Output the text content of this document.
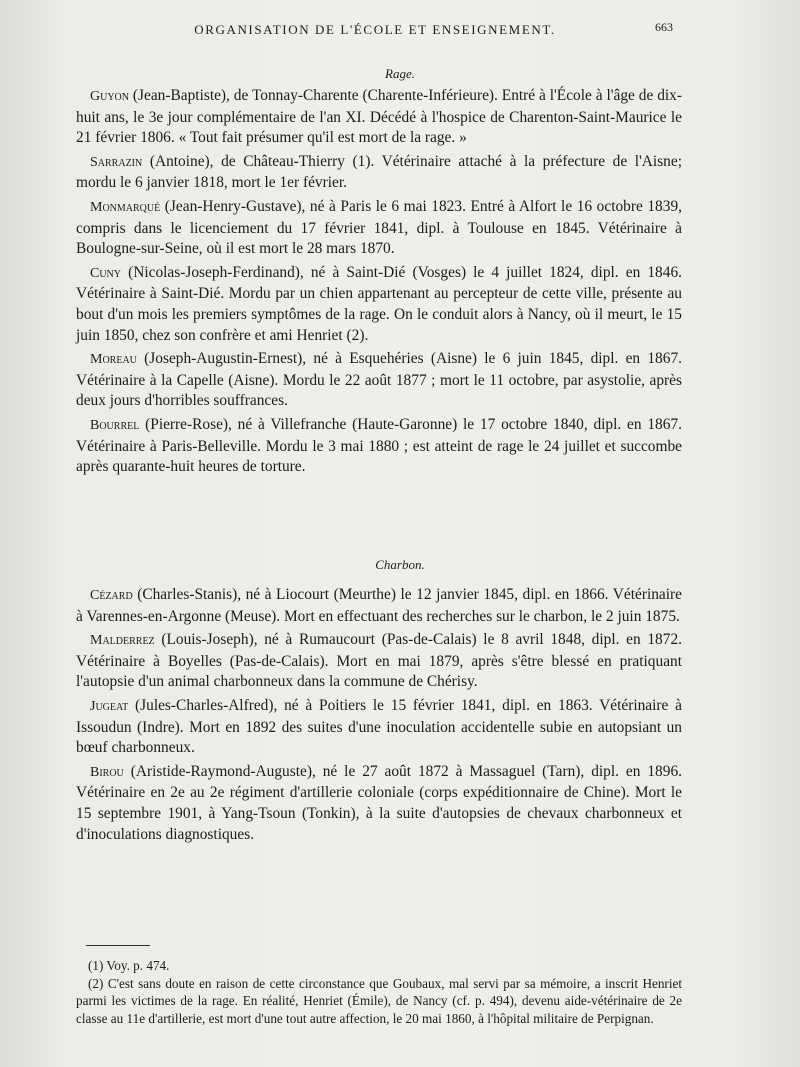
ORGANISATION DE L'ÉCOLE ET ENSEIGNEMENT.	663
Rage.

Guyon (Jean-Baptiste), de Tonnay-Charente (Charente-Inférieure). Entré à l'École à l'âge de dix-huit ans, le 3e jour complémentaire de l'an XI. Décédé à l'hospice de Charenton-Saint-Maurice le 21 février 1806. « Tout fait présumer qu'il est mort de la rage. »

Sarrazin (Antoine), de Château-Thierry (1). Vétérinaire attaché à la préfecture de l'Aisne; mordu le 6 janvier 1818, mort le 1er février.

Monmarqué (Jean-Henry-Gustave), né à Paris le 6 mai 1823. Entré à Alfort le 16 octobre 1839, compris dans le licenciement du 17 février 1841, dipl. à Toulouse en 1845. Vétérinaire à Boulogne-sur-Seine, où il est mort le 28 mars 1870.

Cuny (Nicolas-Joseph-Ferdinand), né à Saint-Dié (Vosges) le 4 juillet 1824, dipl. en 1846. Vétérinaire à Saint-Dié. Mordu par un chien appartenant au percepteur de cette ville, présente au bout d'un mois les premiers symptômes de la rage. On le conduit alors à Nancy, où il meurt, le 15 juin 1850, chez son confrère et ami Henriet (2).

Moreau (Joseph-Augustin-Ernest), né à Esquehéries (Aisne) le 6 juin 1845, dipl. en 1867. Vétérinaire à la Capelle (Aisne). Mordu le 22 août 1877 ; mort le 11 octobre, par asystolie, après deux jours d'horribles souffrances.

Bourrel (Pierre-Rose), né à Villefranche (Haute-Garonne) le 17 octobre 1840, dipl. en 1867. Vétérinaire à Paris-Belleville. Mordu le 3 mai 1880 ; est atteint de rage le 24 juillet et succombe après quarante-huit heures de torture.

Charbon.

Cézard (Charles-Stanis), né à Liocourt (Meurthe) le 12 janvier 1845, dipl. en 1866. Vétérinaire à Varennes-en-Argonne (Meuse). Mort en effectuant des recherches sur le charbon, le 2 juin 1875.

Malderrez (Louis-Joseph), né à Rumaucourt (Pas-de-Calais) le 8 avril 1848, dipl. en 1872. Vétérinaire à Boyelles (Pas-de-Calais). Mort en mai 1879, après s'être blessé en pratiquant l'autopsie d'un animal charbonneux dans la commune de Chérisy.

Jugeat (Jules-Charles-Alfred), né à Poitiers le 15 février 1841, dipl. en 1863. Vétérinaire à Issoudun (Indre). Mort en 1892 des suites d'une inoculation accidentelle subie en autopsiant un bœuf charbonneux.

Birou (Aristide-Raymond-Auguste), né le 27 août 1872 à Massaguel (Tarn), dipl. en 1896. Vétérinaire en 2e au 2e régiment d'artillerie coloniale (corps expéditionnaire de Chine). Mort le 15 septembre 1901, à Yang-Tsoun (Tonkin), à la suite d'autopsies de chevaux charbonneux et d'inoculations diagnostiques.

(1) Voy. p. 474.

(2) C'est sans doute en raison de cette circonstance que Goubaux, mal servi par sa mémoire, a inscrit Henriet parmi les victimes de la rage. En réalité, Henriet (Émile), de Nancy (cf. p. 494), devenu aide-vétérinaire de 2e classe au 11e d'artillerie, est mort d'une tout autre affection, le 20 mai 1860, à l'hôpital militaire de Perpignan.
